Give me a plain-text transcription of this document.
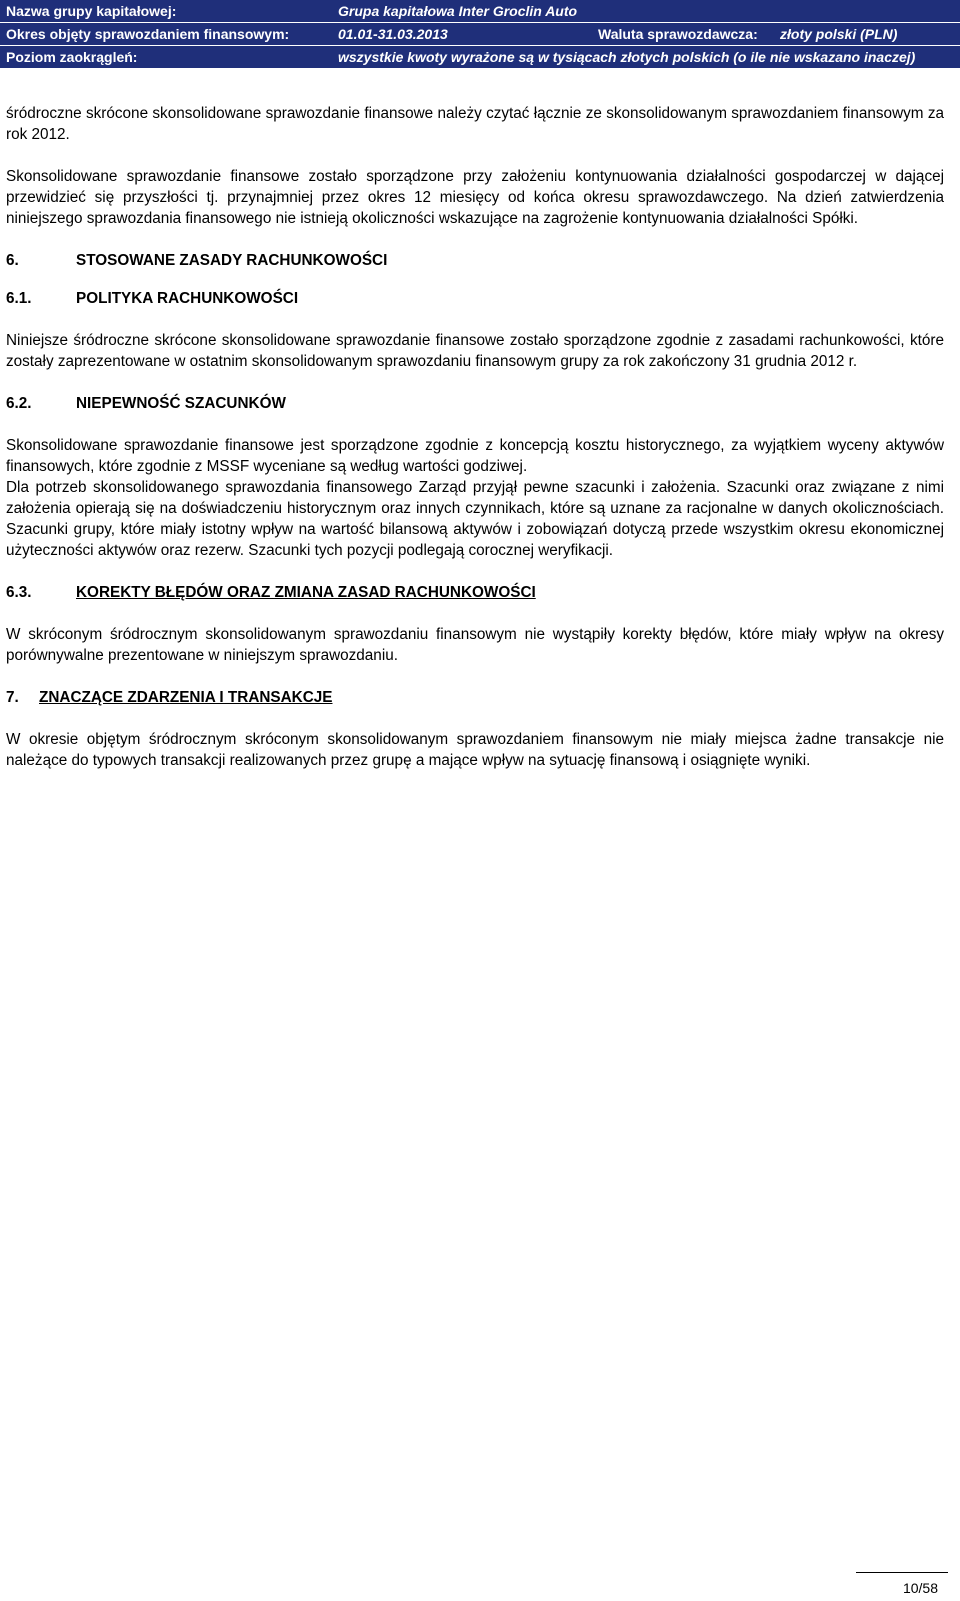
Nazwa grupy kapitałowej:	Grupa kapitałowa Inter Groclin Auto
Okres objęty sprawozdaniem finansowym:	01.01-31.03.2013	Waluta sprawozdawcza: złoty polski (PLN)
Poziom zaokrągleń:	wszystkie kwoty wyrażone są w tysiącach złotych polskich (o ile nie wskazano inaczej)

śródroczne skrócone skonsolidowane sprawozdanie finansowe należy czytać łącznie ze skonsolidowanym sprawozdaniem finansowym za rok 2012.

Skonsolidowane sprawozdanie finansowe zostało sporządzone przy założeniu kontynuowania działalności gospodarczej w dającej przewidzieć się przyszłości tj. przynajmniej przez okres 12 miesięcy od końca okresu sprawozdawczego. Na dzień zatwierdzenia niniejszego sprawozdania finansowego nie istnieją okoliczności wskazujące na zagrożenie kontynuowania działalności Spółki.

6.	STOSOWANE ZASADY RACHUNKOWOŚCI
6.1.	POLITYKA RACHUNKOWOŚCI

Niniejsze śródroczne skrócone skonsolidowane sprawozdanie finansowe zostało sporządzone zgodnie z zasadami rachunkowości, które zostały zaprezentowane w ostatnim skonsolidowanym sprawozdaniu finansowym grupy za rok zakończony 31 grudnia 2012 r.

6.2.	NIEPEWNOŚĆ SZACUNKÓW

Skonsolidowane sprawozdanie finansowe jest sporządzone zgodnie z koncepcją kosztu historycznego, za wyjątkiem wyceny aktywów finansowych, które zgodnie z MSSF wyceniane są według wartości godziwej.

Dla potrzeb skonsolidowanego sprawozdania finansowego Zarząd przyjął pewne szacunki i założenia. Szacunki oraz związane z nimi założenia opierają się na doświadczeniu historycznym oraz innych czynnikach, które są uznane za racjonalne w danych okolicznościach. Szacunki grupy, które miały istotny wpływ na wartość bilansową aktywów i zobowiązań dotyczą przede wszystkim okresu ekonomicznej użyteczności aktywów oraz rezerw. Szacunki tych pozycji podlegają corocznej weryfikacji.

6.3.	KOREKTY BŁĘDÓW ORAZ ZMIANA ZASAD RACHUNKOWOŚCI

W skróconym śródrocznym skonsolidowanym sprawozdaniu finansowym nie wystąpiły korekty błędów, które miały wpływ na okresy porównywalne prezentowane w niniejszym sprawozdaniu.

7. ZNACZĄCE ZDARZENIA I TRANSAKCJE

W okresie objętym śródrocznym skróconym skonsolidowanym sprawozdaniem finansowym nie miały miejsca żadne transakcje nie należące do typowych transakcji realizowanych przez grupę a mające wpływ na sytuację finansową i osiągnięte wyniki.

10/58
